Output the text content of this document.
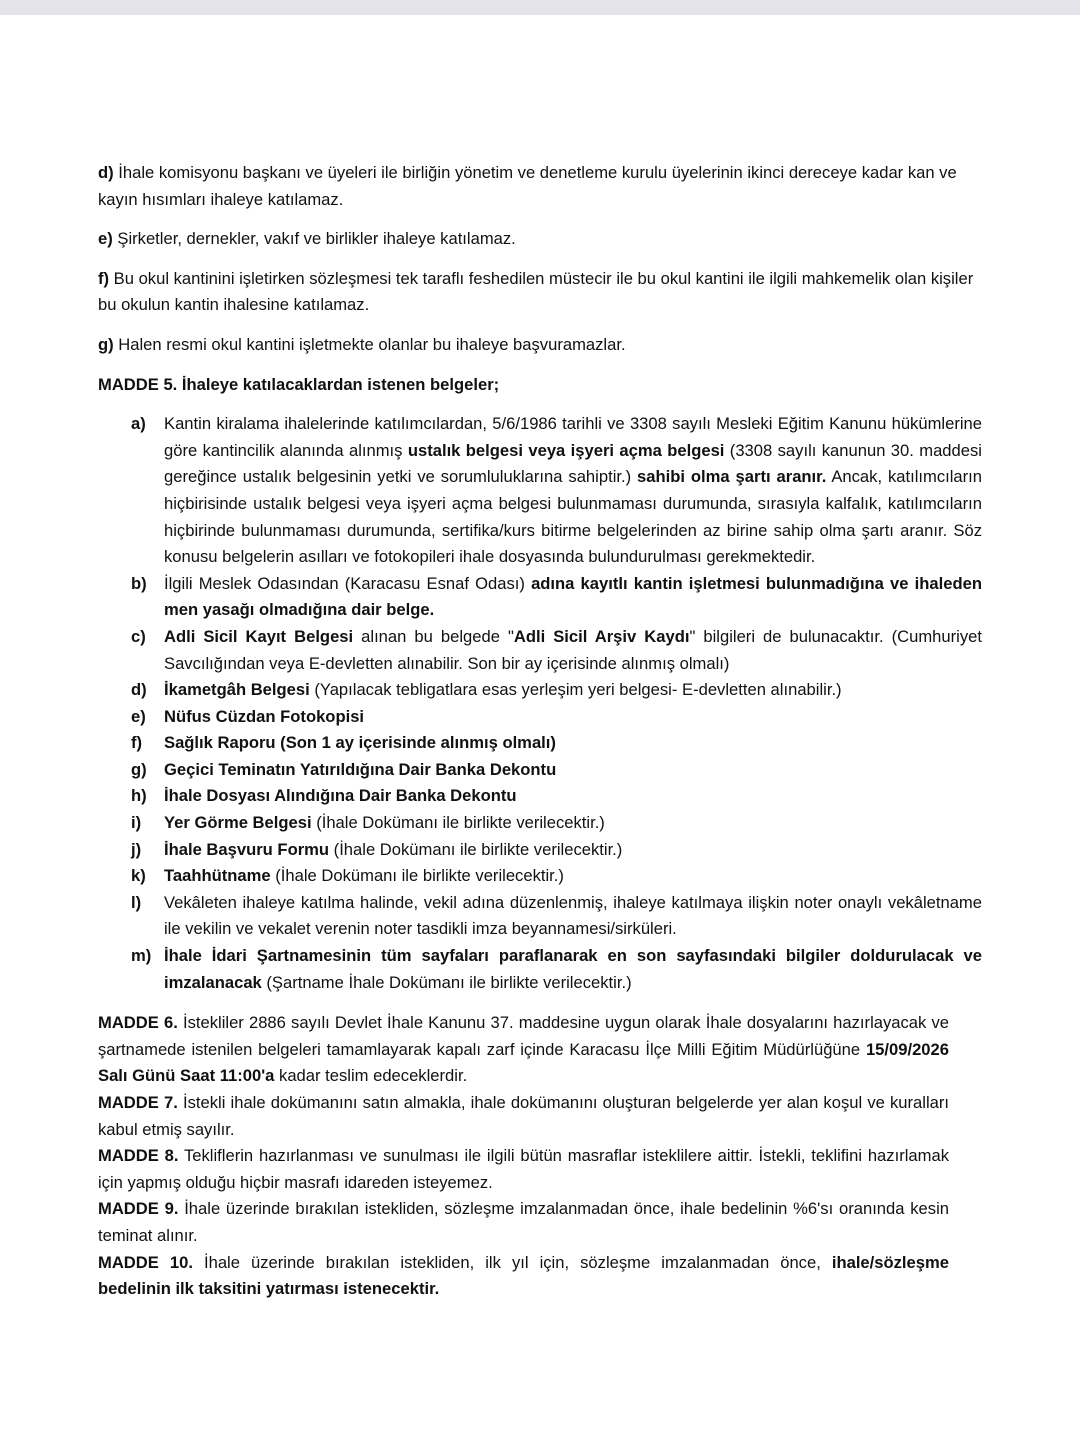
d) İhale komisyonu başkanı ve üyeleri ile birliğin yönetim ve denetleme kurulu üyelerinin ikinci dereceye kadar kan ve kayın hısımları ihaleye katılamaz.

e) Şirketler, dernekler, vakıf ve birlikler ihaleye katılamaz.

f) Bu okul kantinini işletirken sözleşmesi tek taraflı feshedilen müstecir ile bu okul kantini ile ilgili mahkemelik olan kişiler bu okulun kantin ihalesine katılamaz.

g) Halen resmi okul kantini işletmekte olanlar bu ihaleye başvuramazlar.

MADDE 5. İhaleye katılacaklardan istenen belgeler;

a)	Kantin kiralama ihalelerinde katılımcılardan, 5/6/1986 tarihli ve 3308 sayılı Mesleki Eğitim Kanunu hükümlerine göre kantincilik alanında alınmış ustalık belgesi veya işyeri açma belgesi (3308 sayılı kanunun 30. maddesi gereğince ustalık belgesinin yetki ve sorumluluklarına sahiptir.) sahibi olma şartı aranır. Ancak, katılımcıların hiçbirisinde ustalık belgesi veya işyeri açma belgesi bulunmaması durumunda, sırasıyla kalfalık, katılımcıların hiçbirinde bulunmaması durumunda, sertifika/kurs bitirme belgelerinden az birine sahip olma şartı aranır. Söz konusu belgelerin asılları ve fotokopileri ihale dosyasında bulundurulması gerekmektedir.
b)	İlgili Meslek Odasından (Karacasu Esnaf Odası) adına kayıtlı kantin işletmesi bulunmadığına ve ihaleden men yasağı olmadığına dair belge.
c)	Adli Sicil Kayıt Belgesi alınan bu belgede "Adli Sicil Arşiv Kaydı" bilgileri de bulunacaktır. (Cumhuriyet Savcılığından veya E-devletten alınabilir. Son bir ay içerisinde alınmış olmalı)
d)	İkametgâh Belgesi (Yapılacak tebligatlara esas yerleşim yeri belgesi- E-devletten alınabilir.)
e)	Nüfus Cüzdan Fotokopisi
f)	Sağlık Raporu (Son 1 ay içerisinde alınmış olmalı)
g)	Geçici Teminatın Yatırıldığına Dair Banka Dekontu
h)	İhale Dosyası Alındığına Dair Banka Dekontu
i)	Yer Görme Belgesi (İhale Dokümanı ile birlikte verilecektir.)
j)	İhale Başvuru Formu (İhale Dokümanı ile birlikte verilecektir.)
k)	Taahhütname (İhale Dokümanı ile birlikte verilecektir.)
l)	Vekâleten ihaleye katılma halinde, vekil adına düzenlenmiş, ihaleye katılmaya ilişkin noter onaylı vekâletname ile vekilin ve vekalet verenin noter tasdikli imza beyannamesi/sirküleri.
m) İhale İdari Şartnamesinin tüm sayfaları paraflanarak en son sayfasındaki bilgiler doldurulacak ve imzalanacak (Şartname İhale Dokümanı ile birlikte verilecektir.)

MADDE 6. İstekliler 2886 sayılı Devlet İhale Kanunu 37. maddesine uygun olarak İhale dosyalarını hazırlayacak ve şartnamede istenilen belgeleri tamamlayarak kapalı zarf içinde Karacasu İlçe Milli Eğitim Müdürlüğüne 15/09/2026 Salı Günü Saat 11:00'a kadar teslim edeceklerdir.

MADDE 7. İstekli ihale dokümanını satın almakla, ihale dokümanını oluşturan belgelerde yer alan koşul ve kuralları kabul etmiş sayılır.

MADDE 8. Tekliflerin hazırlanması ve sunulması ile ilgili bütün masraflar isteklilere aittir. İstekli, teklifini hazırlamak için yapmış olduğu hiçbir masrafı idareden isteyemez.

MADDE 9. İhale üzerinde bırakılan istekliden, sözleşme imzalanmadan önce, ihale bedelinin %6'sı oranında kesin teminat alınır.

MADDE 10. İhale üzerinde bırakılan istekliden, ilk yıl için, sözleşme imzalanmadan önce, ihale/sözleşme bedelinin ilk taksitini yatırması istenecektir.
